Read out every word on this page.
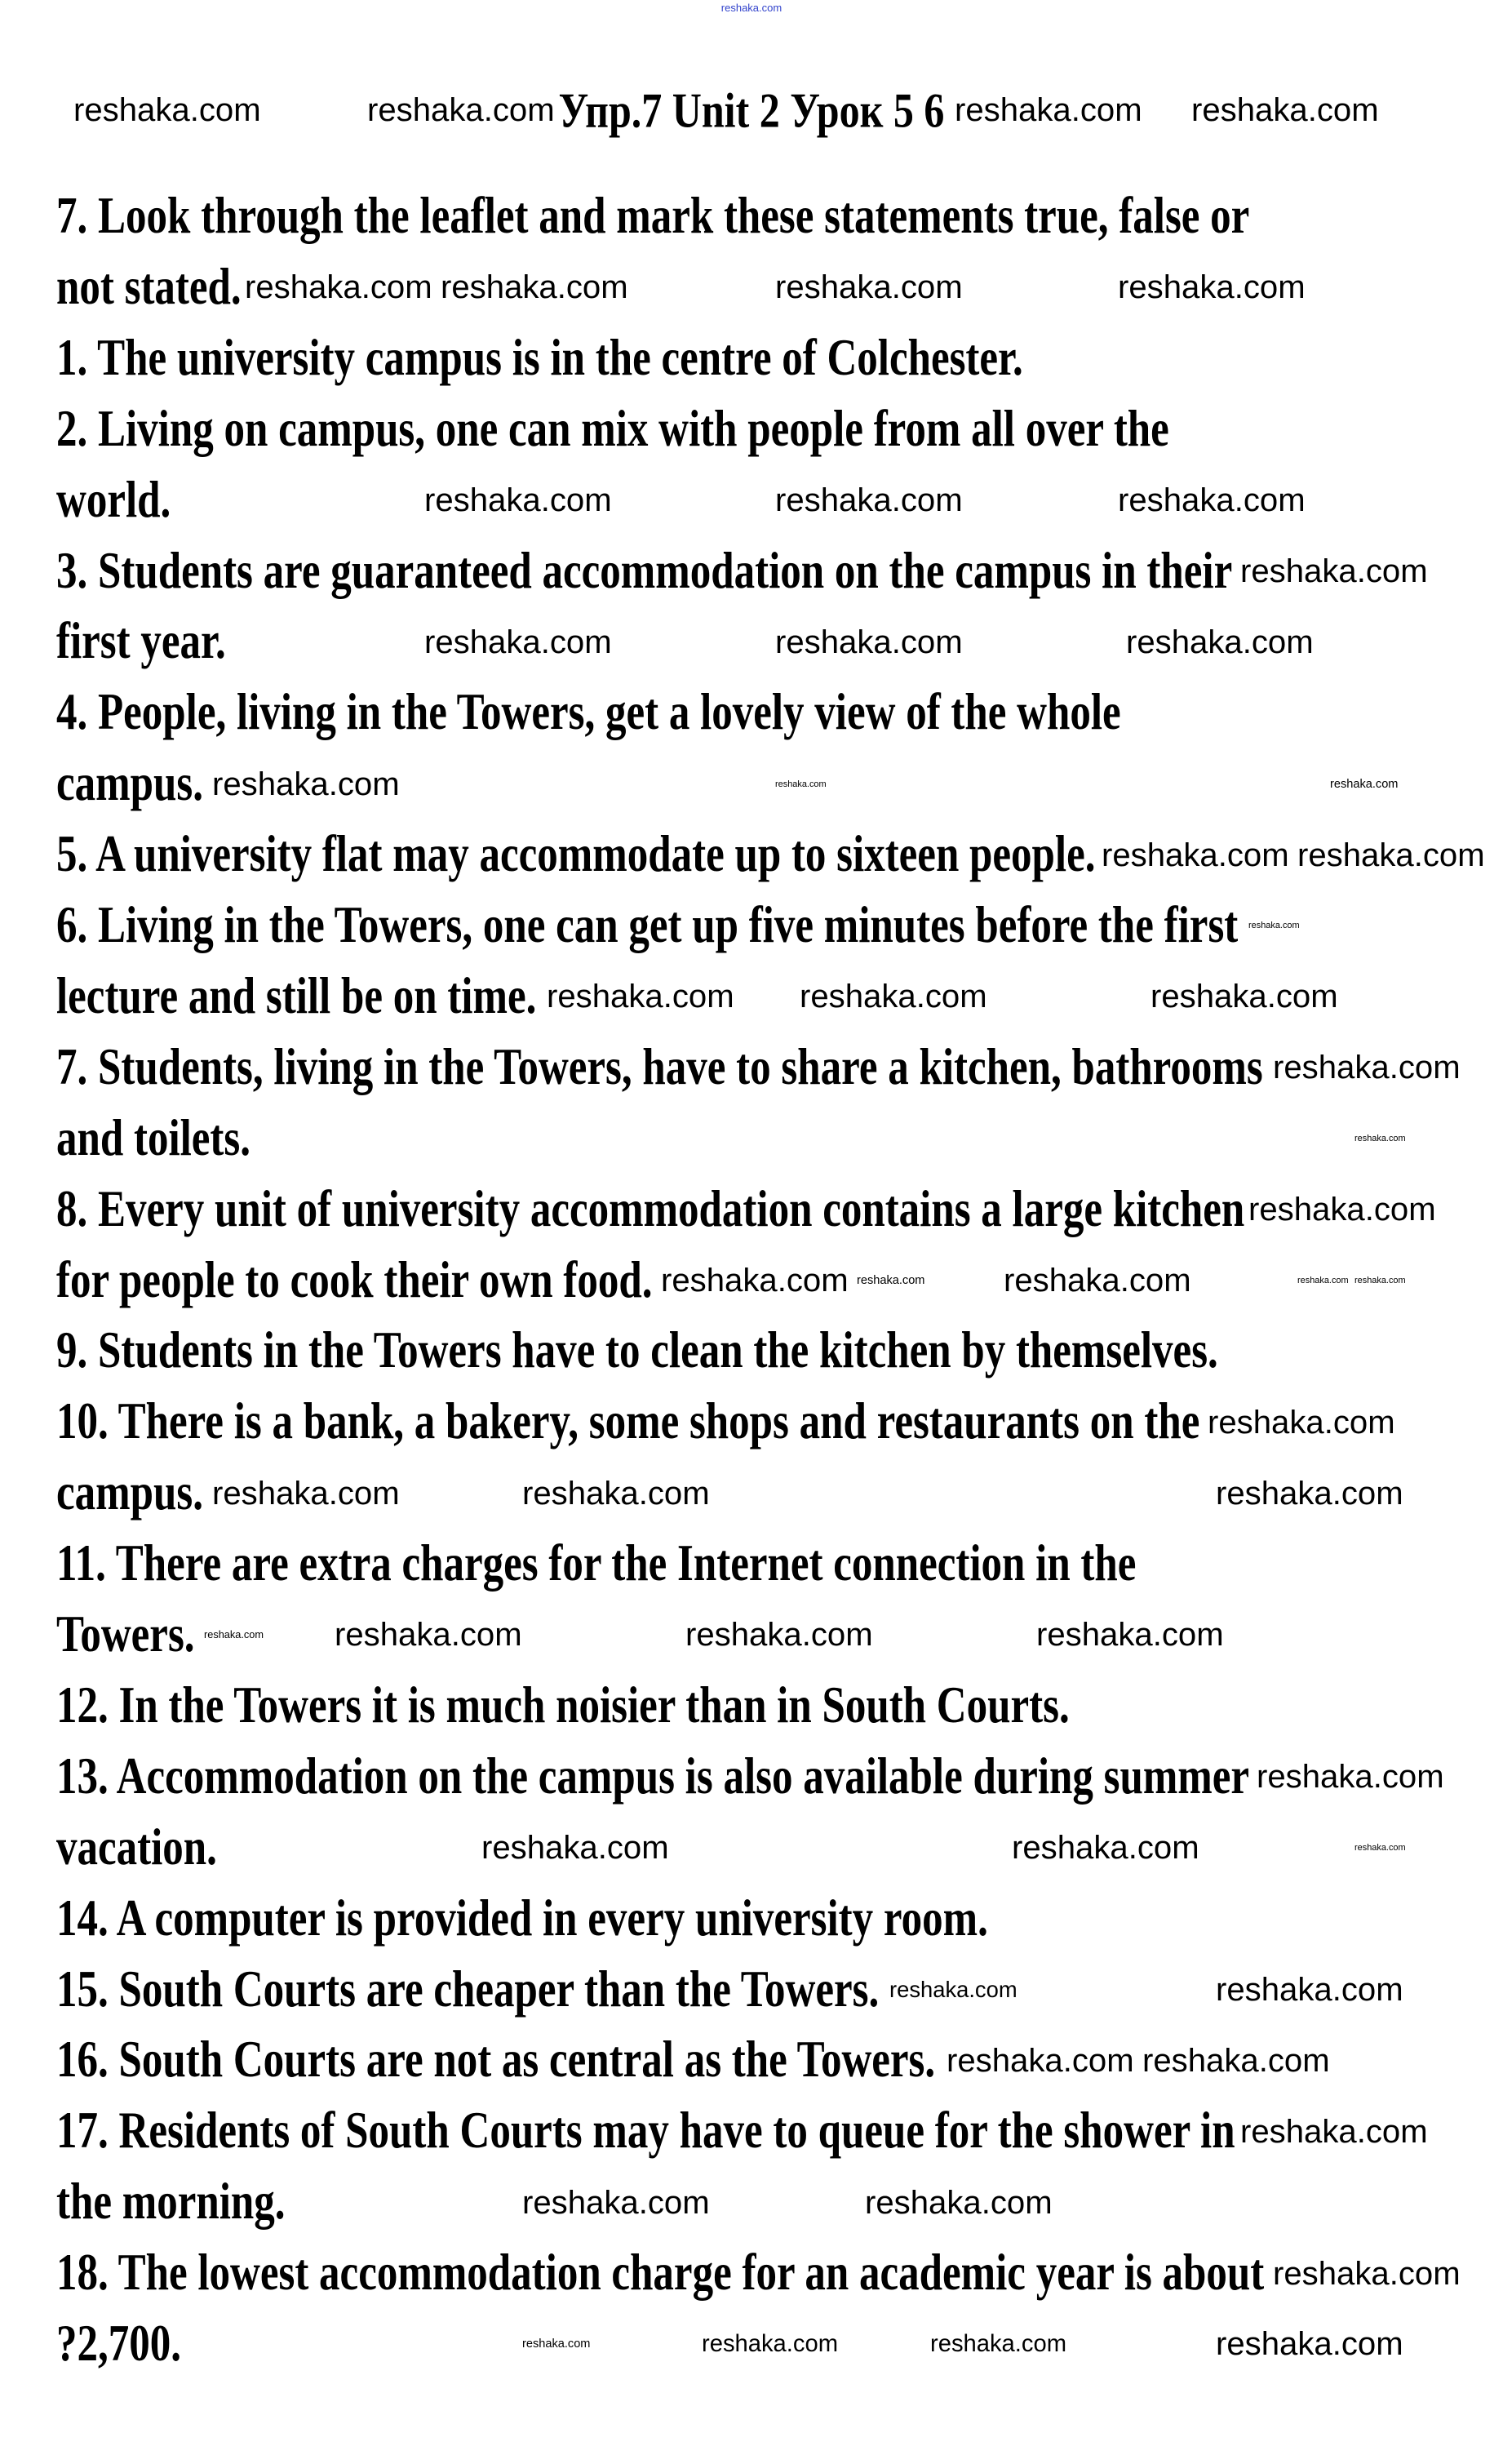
reshaka.com
Упр.7 Unit 2 Урок 5 6
7. Look through the leaflet and mark these statements true, false or
not stated.
1. The university campus is in the centre of Colchester.
2. Living on campus, one can mix with people from all over the
world.
3. Students are guaranteed accommodation on the campus in their
first year.
4. People, living in the Towers, get a lovely view of the whole
campus.
5. A university flat may accommodate up to sixteen people.
6. Living in the Towers, one can get up five minutes before the first
lecture and still be on time.
7. Students, living in the Towers, have to share a kitchen, bathrooms
and toilets.
8. Every unit of university accommodation contains a large kitchen
for people to cook their own food.
9. Students in the Towers have to clean the kitchen by themselves.
10. There is a bank, a bakery, some shops and restaurants on the
campus.
11. There are extra charges for the Internet connection in the
Towers.
12. In the Towers it is much noisier than in South Courts.
13. Accommodation on the campus is also available during summer
vacation.
14. A computer is provided in every university room.
15. South Courts are cheaper than the Towers.
16. South Courts are not as central as the Towers.
17. Residents of South Courts may have to queue for the shower in
the morning.
18. The lowest accommodation charge for an academic year is about
?2,700.
reshaka.com	reshaka.com	reshaka.com reshaka.com
reshaka.com reshaka.com	reshaka.com	reshaka.com
reshaka.com	reshaka.com	reshaka.com
reshaka.com
reshaka.com	reshaka.com	reshaka.com
reshaka.com
reshaka.com reshaka.com
reshaka.com
reshaka.com
reshaka.com
reshaka.com
reshaka.com
reshaka.com
reshaka.com
reshaka.com
reshaka.com
reshaka.com
reshaka.com
reshaka.com	reshaka.com
reshaka.com
reshaka.com	reshaka.com
reshaka.com
reshaka.com
reshaka.com reshaka.com	reshaka.com	reshaka.com
reshaka.com
reshaka.com	reshaka.com	reshaka.com
reshaka.com
reshaka.com
reshaka.com reshaka.com
reshaka.com
reshaka.com	reshaka.com
reshaka.com
reshaka.com
reshaka.com	reshaka.com	reshaka.com
